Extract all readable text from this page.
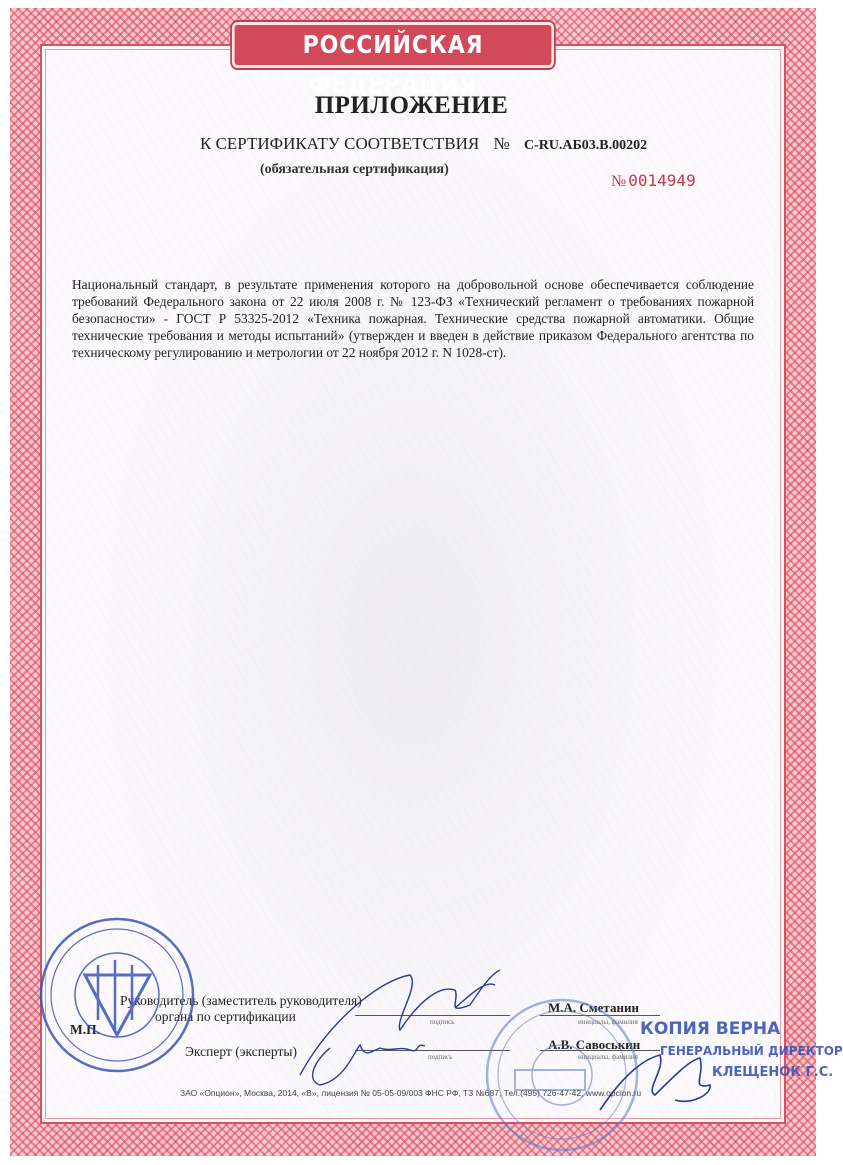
РОССИЙСКАЯ ФЕДЕРАЦИЯ
ПРИЛОЖЕНИЕ
К СЕРТИФИКАТУ СООТВЕТСТВИЯ № C-RU.АБ03.В.00202
(обязательная сертификация)
№ 0014949
Национальный стандарт, в результате применения которого на добровольной основе обеспечивается соблюдение требований Федерального закона от 22 июля 2008 г. № 123-ФЗ «Технический регламент о требованиях пожарной безопасности» - ГОСТ Р 53325-2012 «Техника пожарная. Технические средства пожарной автоматики. Общие технические требования и методы испытаний» (утвержден и введен в действие приказом Федерального агентства по техническому регулированию и метрологии от 22 ноября 2012 г. N 1028-ст).
Руководитель (заместитель руководителя)
органа по сертификации
Эксперт (эксперты)
М.П.	подпись
подпись
инициалы, фамилия
инициалы, фамилия
М.А. Сметанин
А.В. Савоськин
ЗАО «Опцион», Москва, 2014, «В», лицензия № 05-05-09/003 ФНС РФ, ТЗ №687, Тел.(495) 726-47-42, www.opcion.ru
КОПИЯ ВЕРНА
ГЕНЕРАЛЬНЫЙ ДИРЕКТОР
КЛЕЩЕНОК Г.С.
